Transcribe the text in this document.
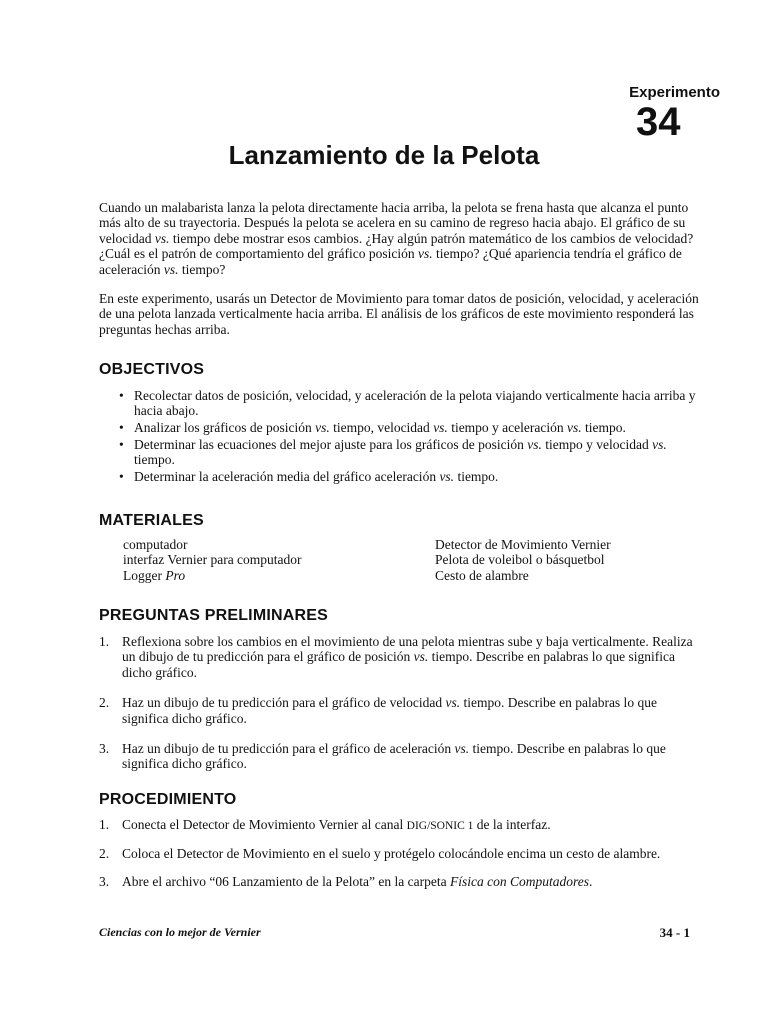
Experimento
34
Lanzamiento de la Pelota

Cuando un malabarista lanza la pelota directamente hacia arriba, la pelota se frena hasta que alcanza el punto más alto de su trayectoria. Después la pelota se acelera en su camino de regreso hacia abajo. El gráfico de su velocidad vs. tiempo debe mostrar esos cambios. ¿Hay algún patrón matemático de los cambios de velocidad? ¿Cuál es el patrón de comportamiento del gráfico posición vs. tiempo? ¿Qué apariencia tendría el gráfico de aceleración vs. tiempo?

En este experimento, usarás un Detector de Movimiento para tomar datos de posición, velocidad, y aceleración de una pelota lanzada verticalmente hacia arriba. El análisis de los gráficos de este movimiento responderá las preguntas hechas arriba.

OBJECTIVOS
• Recolectar datos de posición, velocidad, y aceleración de la pelota viajando verticalmente hacia arriba y hacia abajo.
• Analizar los gráficos de posición vs. tiempo, velocidad vs. tiempo y aceleración vs. tiempo.
• Determinar las ecuaciones del mejor ajuste para los gráficos de posición vs. tiempo y velocidad vs. tiempo.
• Determinar la aceleración media del gráfico aceleración vs. tiempo.
MATERIALES
computador
interfaz Vernier para computador
Logger Pro
Detector de Movimiento Vernier
Pelota de voleibol o básquetbol
Cesto de alambre
PREGUNTAS PRELIMINARES
1. Reflexiona sobre los cambios en el movimiento de una pelota mientras sube y baja verticalmente. Realiza un dibujo de tu predicción para el gráfico de posición vs. tiempo. Describe en palabras lo que significa dicho gráfico.
2. Haz un dibujo de tu predicción para el gráfico de velocidad vs. tiempo. Describe en palabras lo que significa dicho gráfico.
3. Haz un dibujo de tu predicción para el gráfico de aceleración vs. tiempo. Describe en palabras lo que significa dicho gráfico.
PROCEDIMIENTO
1. Conecta el Detector de Movimiento Vernier al canal DIG/SONIC 1 de la interfaz.
2. Coloca el Detector de Movimiento en el suelo y protégelo colocándole encima un cesto de alambre.
3. Abre el archivo “06 Lanzamiento de la Pelota” en la carpeta Física con Computadores.
Ciencias con lo mejor de Vernier	34 - 1
